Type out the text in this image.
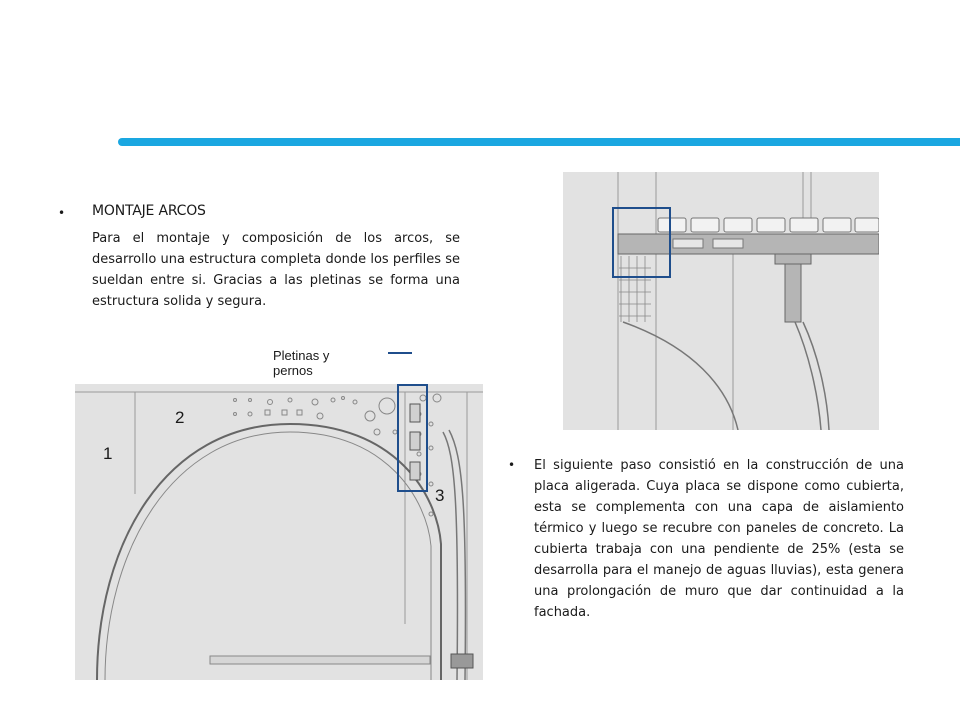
• MONTAJE ARCOS
Para el montaje y composición de los arcos, se desarrollo una estructura completa donde los perfiles se sueldan entre si. Gracias a las pletinas se forma una estructura solida y segura.
Pletinas y pernos
2
1
3
• El siguiente paso consistió en la construcción de una placa aligerada. Cuya placa se dispone como cubierta, esta se complementa con una capa de aislamiento térmico y luego se recubre con paneles de concreto. La cubierta trabaja con una pendiente de 25% (esta se desarrolla para el manejo de aguas lluvias), esta genera una prolongación de muro que dar continuidad a la fachada.
